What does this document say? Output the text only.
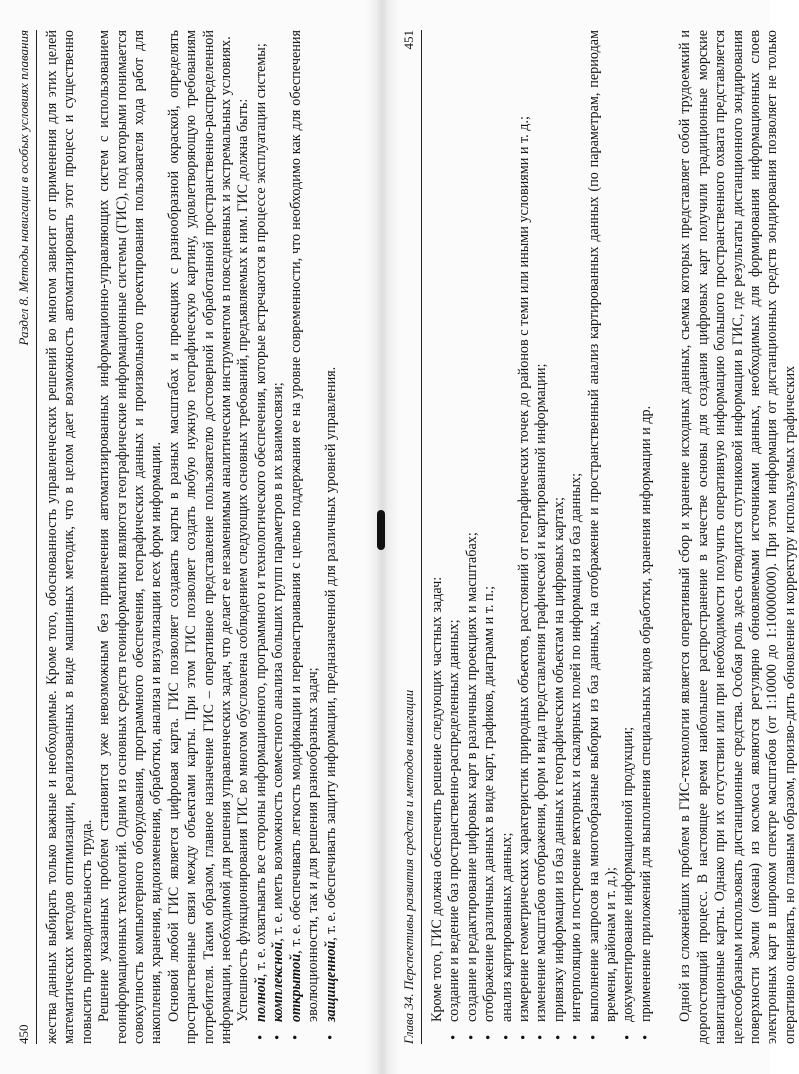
450
Раздел 8. Методы навигации в особых условиях плавания жества данных выбирать только важные и необходимые. Кроме того, обоснованность управленческих решений во многом зависит от применения для этих целей математических методов оптимизации, реализованных в виде машинных методик, что в целом дает возможность автоматизировать этот процесс и существенно повысить производительность труда. Решение указанных проблем становится уже невозможным без привлечения автоматизированных информационно-управляющих систем с использованием геоинформационных технологий. Одним из основных средств геоинформатики являются географические информационные системы (ГИС), под которыми понимается совокупность компьютерного оборудования, программного обеспечения, географических данных и произвольного проектирования пользователя хода работ для накопления, хранения, видоизменения, обработки, анализа и визуализации всех форм информации. Основой любой ГИС является цифровая карта. ГИС позволяет создавать карты в разных масштабах и проекциях с разнообразной окраской, определять пространственные связи между объектами карты. При этом ГИС позволяет создать любую нужную географическую картину, удовлетворяющую требованиям потребителя. Таким образом, главное назначение ГИС – оперативное представление пользователю достоверной и обработанной пространственно-распределенной информации, необходимой для решения управленческих задач, что делает ее незаменимым аналитическим инструментом в повседневных и экстремальных условиях. Успешность функционирования ГИС во многом обусловлена соблюдением следующих основных требований, предъявляемых к ним. ГИС должна быть: • полной, т. е. охватывать все стороны информационного, программного и технологического обеспечения, которые встречаются в процессе эксплуатации системы;
• комплексной, т. е. иметь возможность совместного анализа больших групп параметров в их взаимосвязи;
• открытой, т. е. обеспечивать легкость модификации и перенастраивания с целью поддержания ее на уровне современности, что необходимо как для обеспечения эволюционности, так и для решения разнообразных задач; • защищенной, т. е. обеспечивать защиту информации, предназначенной для различных уровней управления.	Глава 34. Перспективы развития средств и методов навигации
451

Кроме того, ГИС должна обеспечить решение следующих частных задач: • создание и ведение баз пространственно-распределенных данных; • создание и редактирование цифровых карт в различных проекциях и масштабах; • отображение различных данных в виде карт, графиков, диаграмм и т. п.; • анализ картированных данных; • измерение геометрических характеристик природных объектов, расстояний от географических точек до районов с теми или иными условиями и т. д.; • изменение масштабов отображения, форм и вида представления графической и картированной информации; • привязку информации из баз данных к географическим объектам на цифровых картах; • интерполяцию и построение векторных и скалярных полей по информации из баз данных; • выполнение запросов на многообразные выборки из баз данных, на отображение и пространственный анализ картированных данных (по параметрам, периодам времени, районам и т. д.); • документирование информационной продукции; • применение приложений для выполнения специальных видов обработки, хранения информации и др. Одной из сложнейших проблем в ГИС-технологии является оперативный сбор и хранение исходных данных, съемка которых представляет собой трудоемкий и дорогостоящий процесс. В настоящее время наибольшее распространение в качестве основы для создания цифровых карт получили традиционные морские навигационные карты. Однако при их отсутствии или при необходимости получить оперативную информацию большого пространственного охвата представляется целесообразным использовать дистанционные средства. Особая роль здесь отводится спутниковой информации в ГИС, где результаты дистанционного зондирования поверхности Земли (океана) из космоса являются регулярно обновляемыми источниками данных, необходимых для формирования информационных слоев электронных карт в широком спектре масштабов (от 1:10000 до 1:10000000). При этом информация от дистанционных средств зондирования позволяет не только оперативно оценивать, но главным образом, произво-дить обновление и корректуру используемых графических
